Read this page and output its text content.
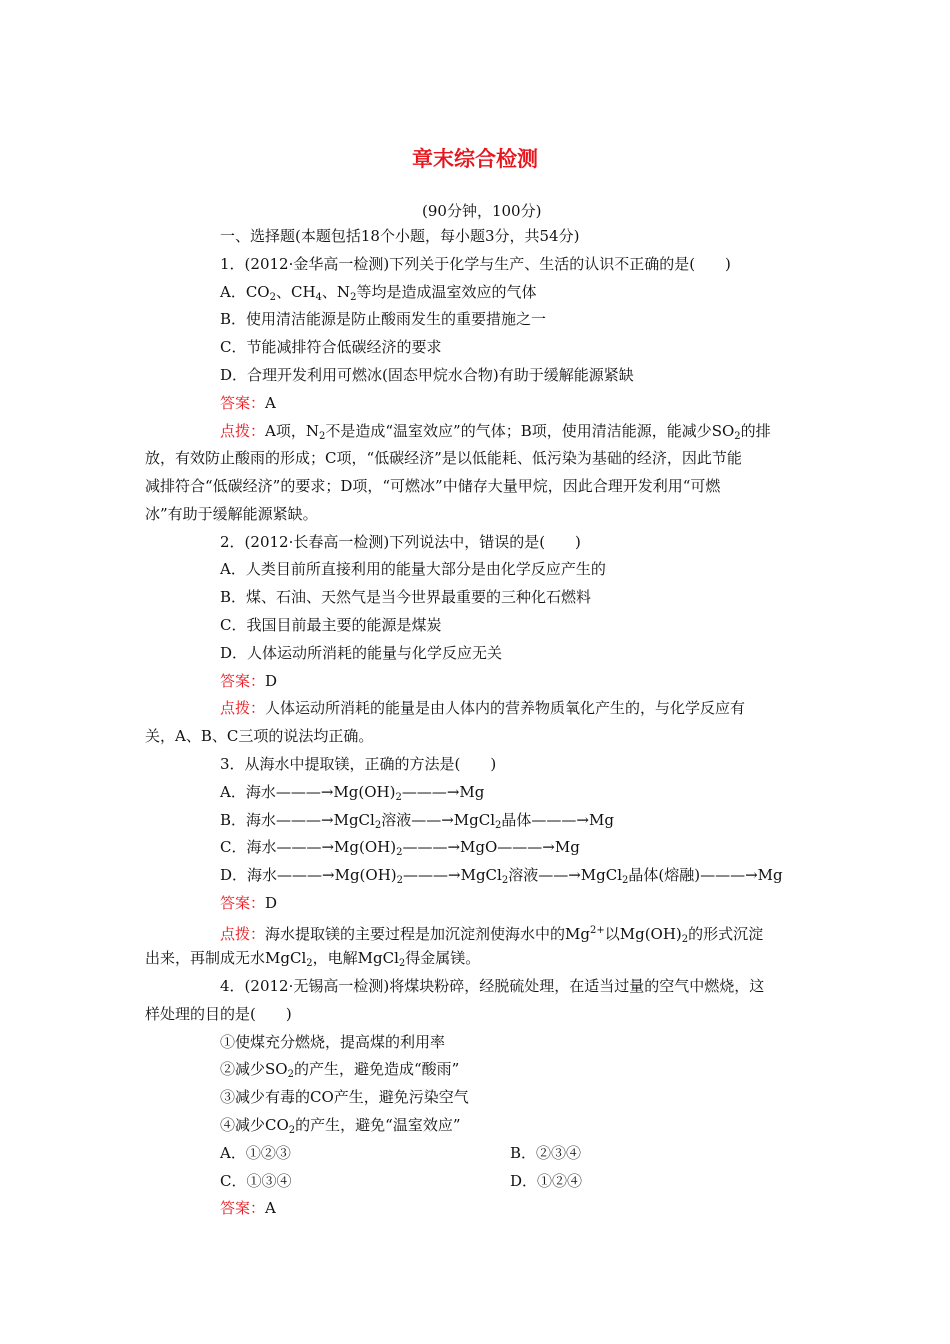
章末综合检测
(90分钟，100分)
一、选择题(本题包括18个小题，每小题3分，共54分)
1．(2012·金华高一检测)下列关于化学与生产、生活的认识不正确的是(　　)
A．$CO_2$、$CH_4$、$N_2$等均是造成温室效应的气体
B．使用清洁能源是防止酸雨发生的重要措施之一
C．节能减排符合低碳经济的要求
D．合理开发利用可燃冰(固态甲烷水合物)有助于缓解能源紧缺
答案：A
点拨：A项，$N_2$不是造成“温室效应”的气体；B项，使用清洁能源，能减少$SO_2$的排
放，有效防止酸雨的形成；C项，“低碳经济”是以低能耗、低污染为基础的经济，因此节能
减排符合“低碳经济”的要求；D项，“可燃冰”中储存大量甲烷，因此合理开发利用“可燃
冰”有助于缓解能源紧缺。
2．(2012·长春高一检测)下列说法中，错误的是(　　)
A．人类目前所直接利用的能量大部分是由化学反应产生的
B．煤、石油、天然气是当今世界最重要的三种化石燃料
C．我国目前最主要的能源是煤炭
D．人体运动所消耗的能量与化学反应无关
答案：D
点拨：人体运动所消耗的能量是由人体内的营养物质氧化产生的，与化学反应有
关，A、B、C三项的说法均正确。
3．从海水中提取镁，正确的方法是(　　)
A．海水$———\to Mg(OH)_2———\to Mg$
B．海水———→MgCl$_2$溶液——→MgCl$_2$晶体———→Mg
C．海水$———\to Mg(OH)_2———\to MgO———\to Mg$
D．海水$———\to Mg(OH)_2———\to MgCl_2$溶液——→MgCl$_2$晶体(熔融)———→Mg
答案：D
点拨：海水提取镁的主要过程是加沉淀剂使海水中的$Mg^{2+}$以$Mg(OH)_2$的形式沉淀
出来，再制成无水MgCl$_2$，电解MgCl$_2$得金属镁。
4．(2012·无锡高一检测)将煤块粉碎，经脱硫处理，在适当过量的空气中燃烧，这
样处理的目的是(　　)
①使煤充分燃烧，提高煤的利用率
②减少$SO_2$的产生，避免造成“酸雨”
③减少有毒的CO产生，避免污染空气
④减少$CO_2$的产生，避免“温室效应”
A．①②③	B．②③④
C．①③④	D．①②④
答案：A
